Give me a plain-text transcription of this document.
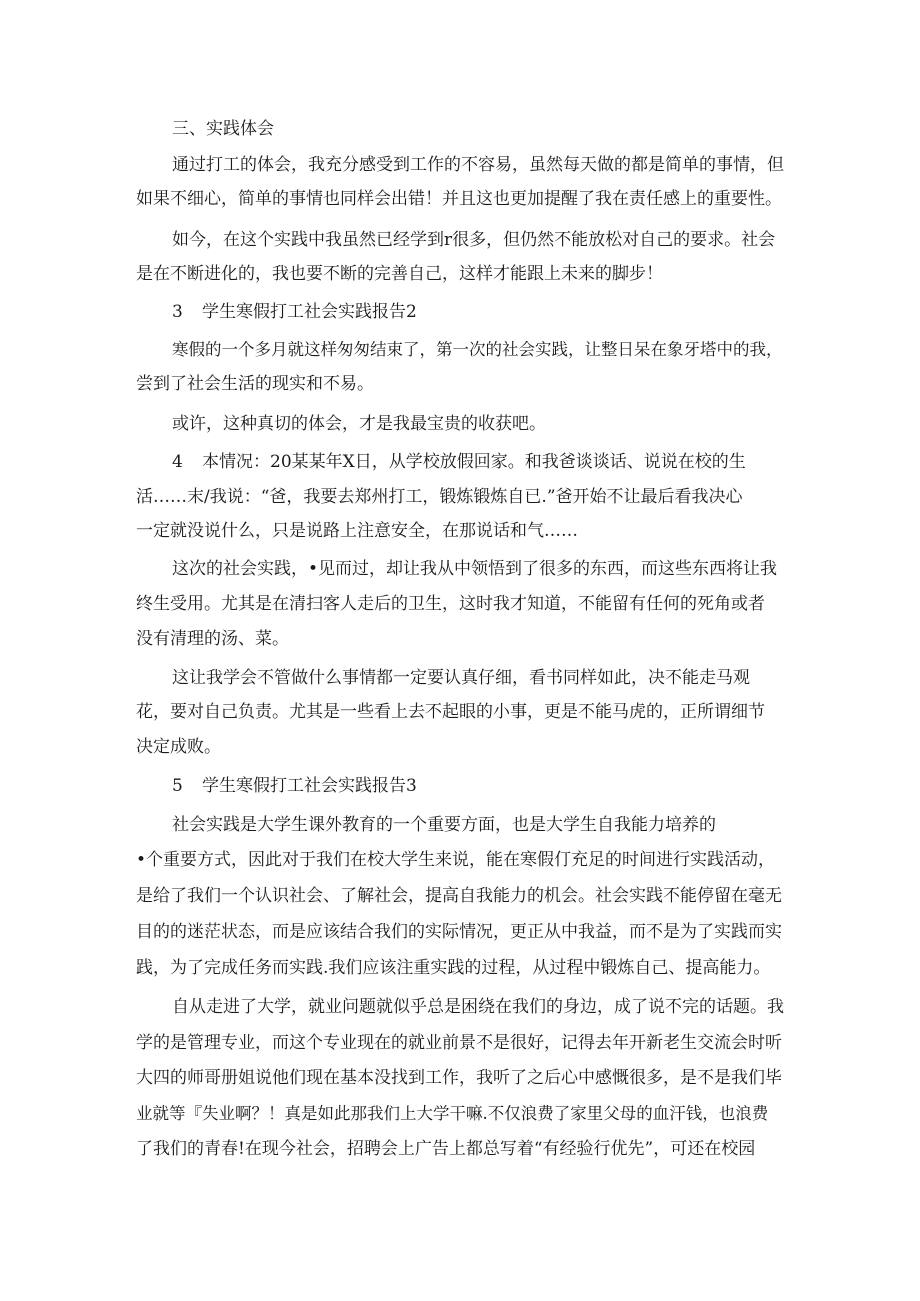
三、实践体会

通过打工的体会，我充分感受到工作的不容易，虽然每天做的都是简单的事情，但

如果不细心，简单的事情也同样会出错！并且这也更加提醒了我在责任感上的重要性。

如今，在这个实践中我虽然已经学到r很多，但仍然不能放松对自己的要求。社会

是在不断进化的，我也要不断的完善自己，这样才能跟上未来的脚步！

3 学生寒假打工社会实践报告2

寒假的一个多月就这样匆匆结束了，第一次的社会实践，让整日呆在象牙塔中的我，

尝到了社会生活的现实和不易。

或许，这种真切的体会，才是我最宝贵的收获吧。

4 本情况：20某某年X日，从学校放假回家。和我爸谈谈话、说说在校的生

活……末/我说：“爸，我要去郑州打工，锻炼锻炼自已.”爸开始不让最后看我决心

一定就没说什么，只是说路上注意安全，在那说话和气……

这次的社会实践，•见而过，却让我从中领悟到了很多的东西，而这些东西将让我

终生受用。尤其是在清扫客人走后的卫生，这时我才知道，不能留有任何的死角或者

没有清理的汤、菜。

这让我学会不管做什么事情都一定要认真仔细，看书同样如此，决不能走马观

花，要对自己负责。尤其是一些看上去不起眼的小事，更是不能马虎的，正所谓细节

决定成败。

5 学生寒假打工社会实践报告3

社会实践是大学生课外教育的一个重要方面，也是大学生自我能力培养的

•个重要方式，因此对于我们在校大学生来说，能在寒假仃充足的时间进行实践活动，

是给了我们一个认识社会、了解社会，提高自我能力的机会。社会实践不能停留在毫无

目的的迷茫状态，而是应该结合我们的实际情况，更正从中我益，而不是为了实践而实

践，为了完成任务而实践.我们应该注重实践的过程，从过程中锻炼自己、提高能力。

自从走进了大学，就业问题就似乎总是困绕在我们的身边，成了说不完的话题。我

学的是管理专业，而这个专业现在的就业前景不是很好，记得去年开新老生交流会时听

大四的师哥册姐说他们现在基本没找到工作，我听了之后心中感慨很多，是不是我们毕

业就等『失业啊？！真是如此那我们上大学干嘛.不仅浪费了家里父母的血汗钱，也浪费

了我们的青春!在现今社会，招聘会上广告上都总写着“有经验行优先”，可还在校园
